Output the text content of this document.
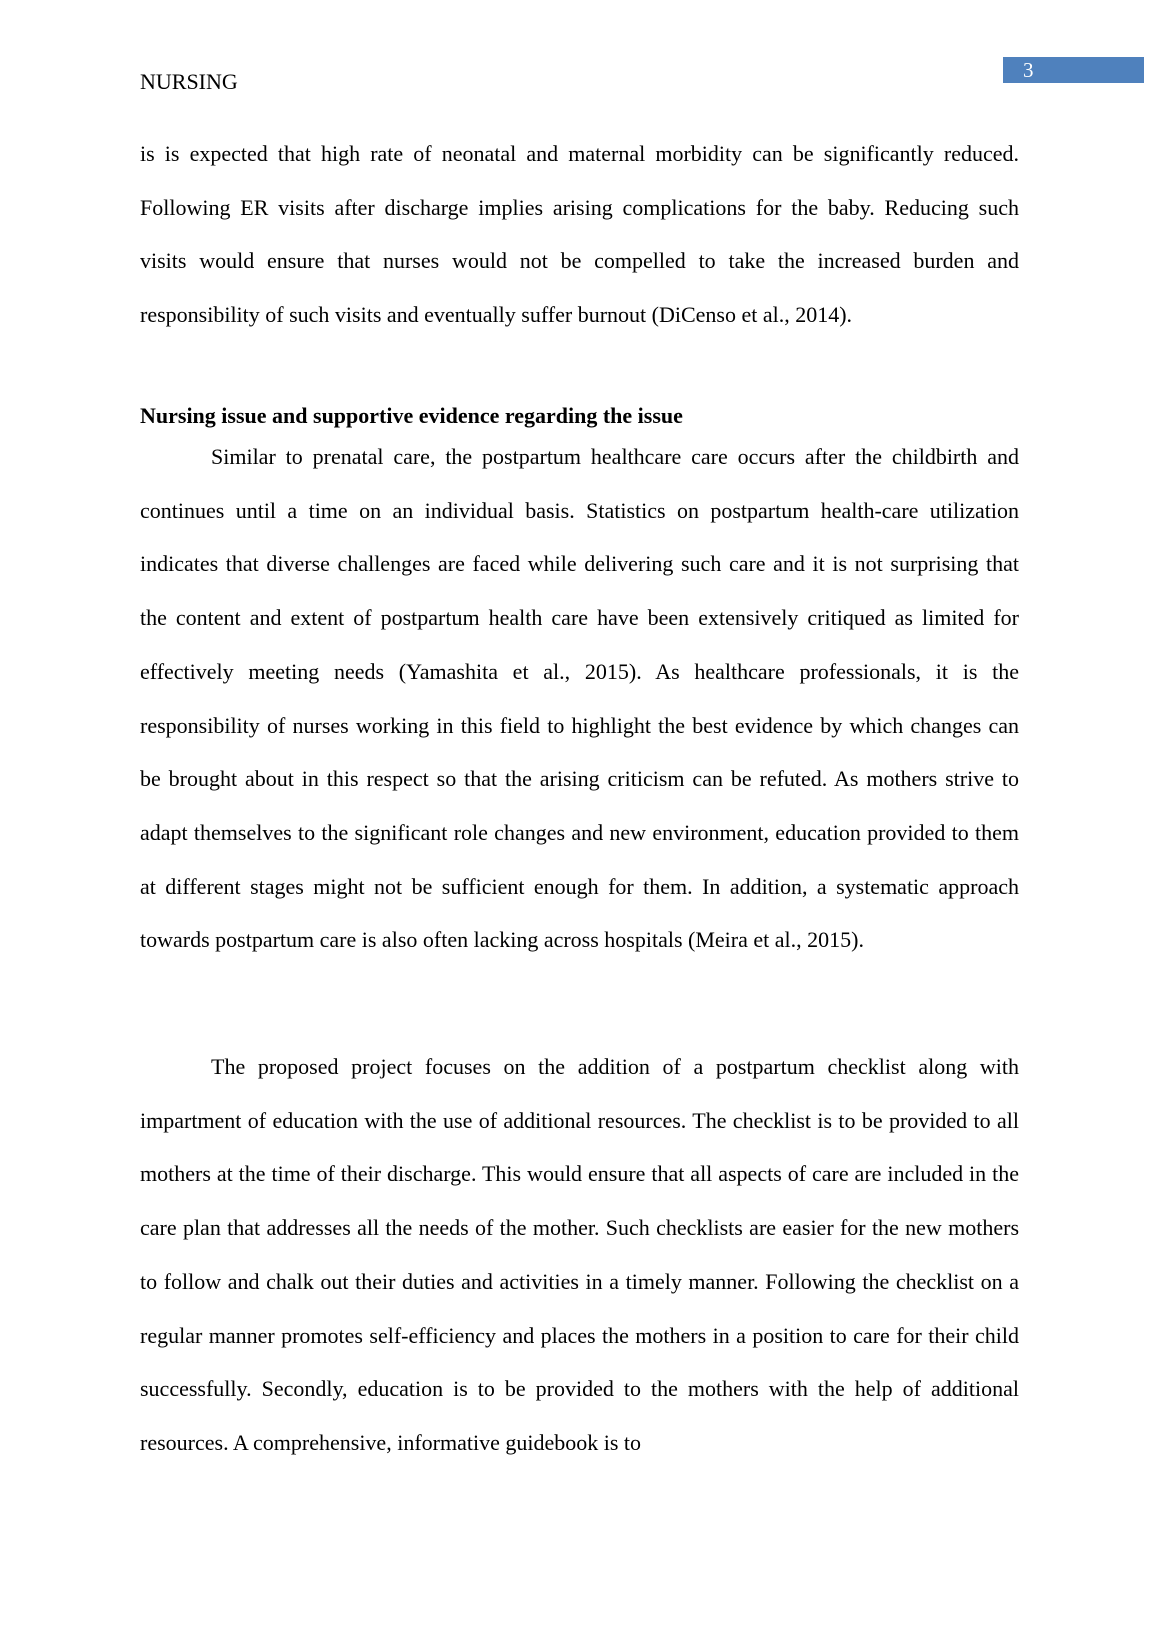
3
NURSING

is is expected that high rate of neonatal and maternal morbidity can be significantly reduced. Following ER visits after discharge implies arising complications for the baby. Reducing such visits would ensure that nurses would not be compelled to take the increased burden and responsibility of such visits and eventually suffer burnout (DiCenso et al., 2014).

Nursing issue and supportive evidence regarding the issue

Similar to prenatal care, the postpartum healthcare care occurs after the childbirth and continues until a time on an individual basis. Statistics on postpartum health-care utilization indicates that diverse challenges are faced while delivering such care and it is not surprising that the content and extent of postpartum health care have been extensively critiqued as limited for effectively meeting needs (Yamashita et al., 2015). As healthcare professionals, it is the responsibility of nurses working in this field to highlight the best evidence by which changes can be brought about in this respect so that the arising criticism can be refuted. As mothers strive to adapt themselves to the significant role changes and new environment, education provided to them at different stages might not be sufficient enough for them. In addition, a systematic approach towards postpartum care is also often lacking across hospitals (Meira et al., 2015).

The proposed project focuses on the addition of a postpartum checklist along with impartment of education with the use of additional resources. The checklist is to be provided to all mothers at the time of their discharge. This would ensure that all aspects of care are included in the care plan that addresses all the needs of the mother. Such checklists are easier for the new mothers to follow and chalk out their duties and activities in a timely manner. Following the checklist on a regular manner promotes self-efficiency and places the mothers in a position to care for their child successfully. Secondly, education is to be provided to the mothers with the help of additional resources. A comprehensive, informative guidebook is to
